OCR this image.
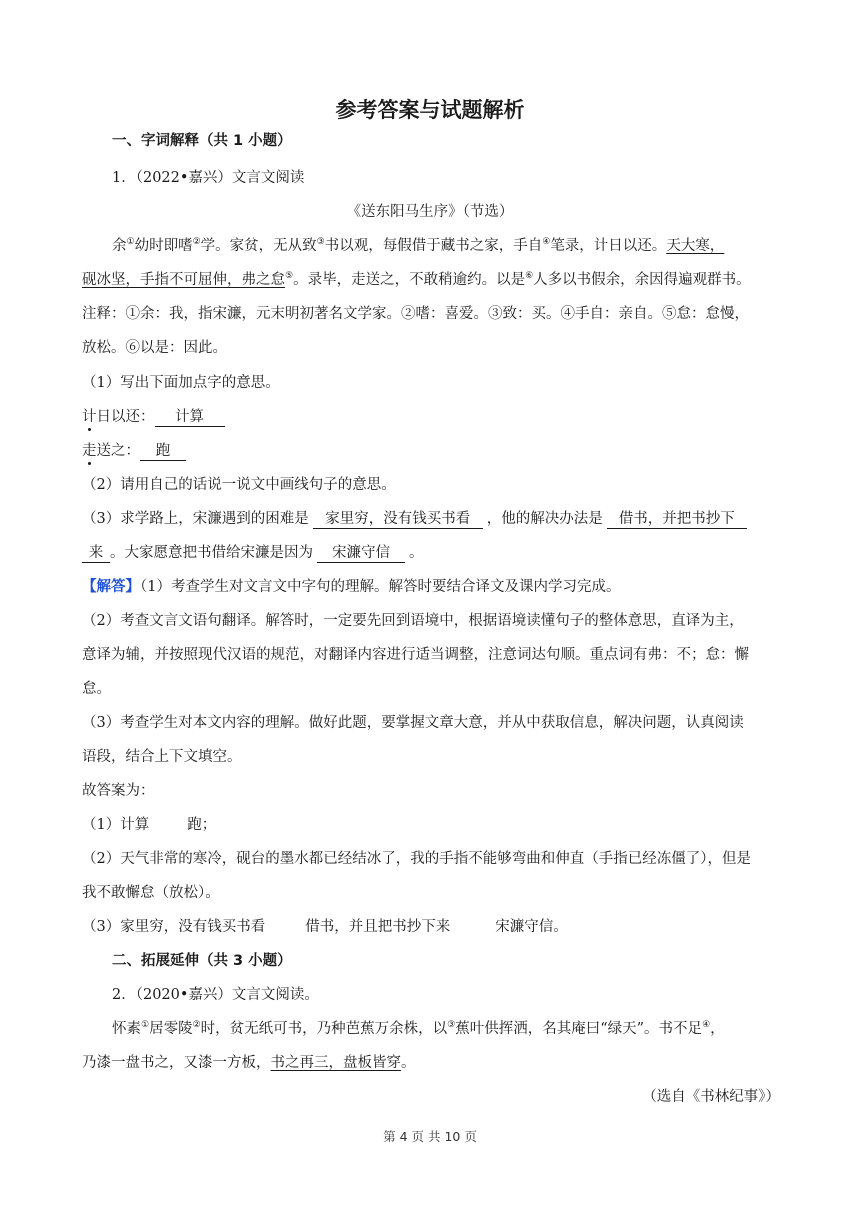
参考答案与试题解析
一、字词解释（共 1 小题）
1．（2022•嘉兴）文言文阅读
《送东阳马生序》（节选）
余①幼时即嗜②学。家贫，无从致③书以观，每假借于藏书之家，手自④笔录，计日以还。天大寒，
砚冰坚，手指不可屈伸，弗之怠⑤。录毕，走送之，不敢稍逾约。以是⑥人多以书假余，余因得遍观群书。
注释：①余：我，指宋濂，元末明初著名文学家。②嗜：喜爱。③致：买。④手自：亲自。⑤怠：怠慢，
放松。⑥以是：因此。
（1）写出下面加点字的意思。
计日以还： 计算
走送之： 跑
（2）请用自己的话说一说文中画线句子的意思。
（3）求学路上，宋濂遇到的困难是 家里穷，没有钱买书看 ，他的解决办法是 借书，并把书抄下
来 。大家愿意把书借给宋濂是因为 宋濂守信 。
【解答】（1）考查学生对文言文中字句的理解。解答时要结合译文及课内学习完成。
（2）考查文言文语句翻译。解答时，一定要先回到语境中，根据语境读懂句子的整体意思，直译为主，
意译为辅，并按照现代汉语的规范，对翻译内容进行适当调整，注意词达句顺。重点词有弗：不；怠：懈
怠。
（3）考查学生对本文内容的理解。做好此题，要掌握文章大意，并从中获取信息，解决问题，认真阅读
语段，结合上下文填空。
故答案为：
（1）计算	跑；
（2）天气非常的寒冷，砚台的墨水都已经结冰了，我的手指不能够弯曲和伸直（手指已经冻僵了），但是
我不敢懈怠（放松）。
（3）家里穷，没有钱买书看	借书，并且把书抄下来	宋濂守信。
二、拓展延伸（共 3 小题）
2．（2020•嘉兴）文言文阅读。
怀素①居零陵②时，贫无纸可书，乃种芭蕉万余株，以③蕉叶供挥洒，名其庵曰“绿天”。书不足④，
乃漆一盘书之，又漆一方板，书之再三，盘板皆穿。
（选自《书林纪事》）
第 4 页 共 10 页
